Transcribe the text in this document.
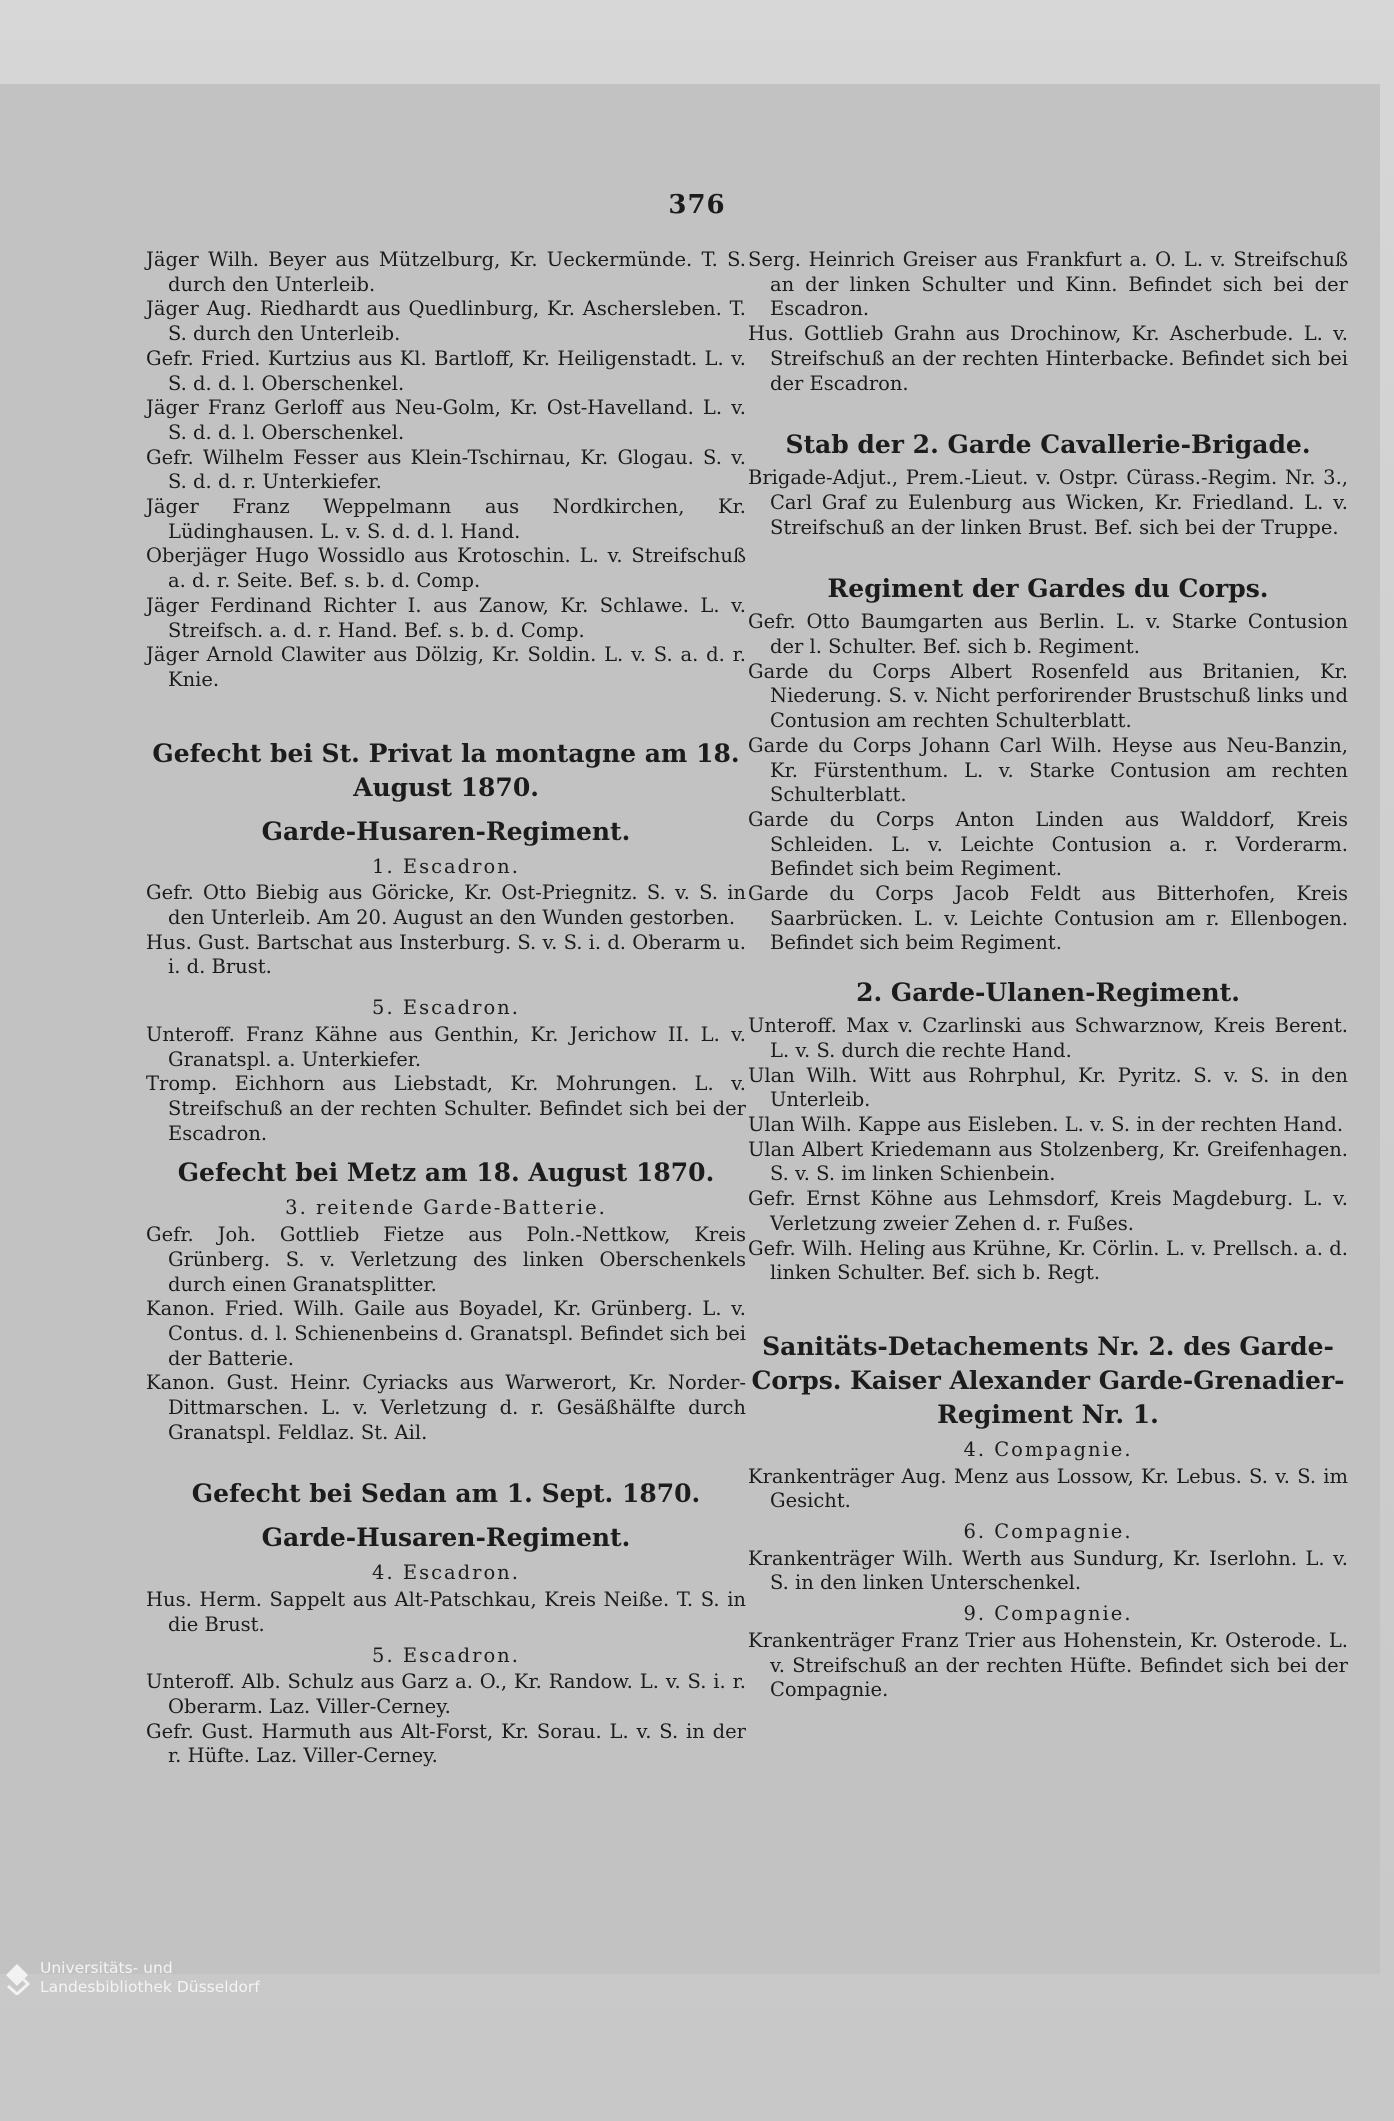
376

Jäger Wilh. Beyer aus Mützelburg, Kr. Ueckermünde. T. S. durch den Unterleib.

Jäger Aug. Riedhardt aus Quedlinburg, Kr. Aschersleben. T. S. durch den Unterleib.

Gefr. Fried. Kurtzius aus Kl. Bartloff, Kr. Heiligenstadt. L. v. S. d. d. l. Oberschenkel.

Jäger Franz Gerloff aus Neu-Golm, Kr. Ost-Havelland. L. v. S. d. d. l. Oberschenkel.

Gefr. Wilhelm Fesser aus Klein-Tschirnau, Kr. Glogau. S. v. S. d. d. r. Unterkiefer.

Jäger Franz Weppelmann aus Nordkirchen, Kr. Lüdinghausen. L. v. S. d. d. l. Hand.

Oberjäger Hugo Wossidlo aus Krotoschin. L. v. Streifschuß a. d. r. Seite. Bef. s. b. d. Comp.

Jäger Ferdinand Richter I. aus Zanow, Kr. Schlawe. L. v. Streifsch. a. d. r. Hand. Bef. s. b. d. Comp.

Jäger Arnold Clawiter aus Dölzig, Kr. Soldin. L. v. S. a. d. r. Knie.

Gefecht bei St. Privat la montagne am 18. August 1870.
Garde-Husaren-Regiment.
1. Escadron.

Gefr. Otto Biebig aus Göricke, Kr. Ost-Priegnitz. S. v. S. in den Unterleib. Am 20. August an den Wunden gestorben.

Hus. Gust. Bartschat aus Insterburg. S. v. S. i. d. Oberarm u. i. d. Brust.

5. Escadron.

Unteroff. Franz Kähne aus Genthin, Kr. Jerichow II. L. v. Granatspl. a. Unterkiefer.

Tromp. Eichhorn aus Liebstadt, Kr. Mohrungen. L. v. Streifschuß an der rechten Schulter. Befindet sich bei der Escadron.

Gefecht bei Metz am 18. August 1870.
3. reitende Garde-Batterie.

Gefr. Joh. Gottlieb Fietze aus Poln.-Nettkow, Kreis Grünberg. S. v. Verletzung des linken Oberschenkels durch einen Granatsplitter.

Kanon. Fried. Wilh. Gaile aus Boyadel, Kr. Grünberg. L. v. Contus. d. l. Schienenbeins d. Granatspl. Befindet sich bei der Batterie.

Kanon. Gust. Heinr. Cyriacks aus Warwerort, Kr. Norder-Dittmarschen. L. v. Verletzung d. r. Gesäßhälfte durch Granatspl. Feldlaz. St. Ail.

Gefecht bei Sedan am 1. Sept. 1870.
Garde-Husaren-Regiment.
4. Escadron.

Hus. Herm. Sappelt aus Alt-Patschkau, Kreis Neiße. T. S. in die Brust.

5. Escadron.

Unteroff. Alb. Schulz aus Garz a. O., Kr. Randow. L. v. S. i. r. Oberarm. Laz. Viller-Cerney.

Gefr. Gust. Harmuth aus Alt-Forst, Kr. Sorau. L. v. S. in der r. Hüfte. Laz. Viller-Cerney.

Serg. Heinrich Greiser aus Frankfurt a. O. L. v. Streifschuß an der linken Schulter und Kinn. Befindet sich bei der Escadron.

Hus. Gottlieb Grahn aus Drochinow, Kr. Ascherbude. L. v. Streifschuß an der rechten Hinterbacke. Befindet sich bei der Escadron.

Stab der 2. Garde Cavallerie-Brigade.

Brigade-Adjut., Prem.-Lieut. v. Ostpr. Cürass.-Regim. Nr. 3., Carl Graf zu Eulenburg aus Wicken, Kr. Friedland. L. v. Streifschuß an der linken Brust. Bef. sich bei der Truppe.

Regiment der Gardes du Corps.

Gefr. Otto Baumgarten aus Berlin. L. v. Starke Contusion der l. Schulter. Bef. sich b. Regiment.

Garde du Corps Albert Rosenfeld aus Britanien, Kr. Niederung. S. v. Nicht perforirender Brustschuß links und Contusion am rechten Schulterblatt.

Garde du Corps Johann Carl Wilh. Heyse aus Neu-Banzin, Kr. Fürstenthum. L. v. Starke Contusion am rechten Schulterblatt.

Garde du Corps Anton Linden aus Walddorf, Kreis Schleiden. L. v. Leichte Contusion a. r. Vorderarm. Befindet sich beim Regiment.

Garde du Corps Jacob Feldt aus Bitterhofen, Kreis Saarbrücken. L. v. Leichte Contusion am r. Ellenbogen. Befindet sich beim Regiment.

2. Garde-Ulanen-Regiment.

Unteroff. Max v. Czarlinski aus Schwarznow, Kreis Berent. L. v. S. durch die rechte Hand.

Ulan Wilh. Witt aus Rohrphul, Kr. Pyritz. S. v. S. in den Unterleib.

Ulan Wilh. Kappe aus Eisleben. L. v. S. in der rechten Hand.

Ulan Albert Kriedemann aus Stolzenberg, Kr. Greifenhagen. S. v. S. im linken Schienbein.

Gefr. Ernst Köhne aus Lehmsdorf, Kreis Magdeburg. L. v. Verletzung zweier Zehen d. r. Fußes.

Gefr. Wilh. Heling aus Krühne, Kr. Cörlin. L. v. Prellsch. a. d. linken Schulter. Bef. sich b. Regt.

Sanitäts-Detachements Nr. 2. des Garde-Corps. Kaiser Alexander Garde-Grenadier-Regiment Nr. 1.
4. Compagnie.

Krankenträger Aug. Menz aus Lossow, Kr. Lebus. S. v. S. im Gesicht.

6. Compagnie.

Krankenträger Wilh. Werth aus Sundurg, Kr. Iserlohn. L. v. S. in den linken Unterschenkel.

9. Compagnie.

Krankenträger Franz Trier aus Hohenstein, Kr. Osterode. L. v. Streifschuß an der rechten Hüfte. Befindet sich bei der Compagnie.

Universitäts- und
Landesbibliothek Düsseldorf
